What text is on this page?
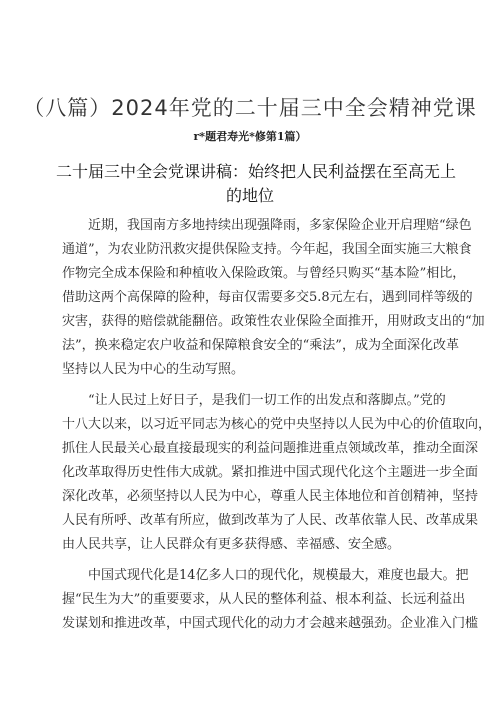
（八篇）2024年党的二十届三中全会精神党课
r*题君寿光*修第1篇）
二十届三中全会党课讲稿：始终把人民利益摆在至高无上
的地位
近期，我国南方多地持续出现强降雨，多家保险企业开启理赔“绿色
通道”，为农业防汛救灾提供保险支持。今年起，我国全面实施三大粮食
作物完全成本保险和种植收入保险政策。与曾经只购买“基本险”相比，
借助这两个高保障的险种，每亩仅需要多交5.8元左右，遇到同样等级的
灾害，获得的赔偿就能翻倍。政策性农业保险全面推开，用财政支出的“加
法”，换来稳定农户收益和保障粮食安全的“乘法”，成为全面深化改革
坚持以人民为中心的生动写照。
“让人民过上好日子，是我们一切工作的出发点和落脚点。”党的
十八大以来，以习近平同志为核心的党中央坚持以人民为中心的价值取向，
抓住人民最关心最直接最现实的利益问题推进重点领域改革，推动全面深
化改革取得历史性伟大成就。紧扣推进中国式现代化这个主题进一步全面
深化改革，必须坚持以人民为中心，尊重人民主体地位和首创精神，坚持
人民有所呼、改革有所应，做到改革为了人民、改革依靠人民、改革成果
由人民共享，让人民群众有更多获得感、幸福感、安全感。
中国式现代化是14亿多人口的现代化，规模最大，难度也最大。把
握“民生为大”的重要要求，从人民的整体利益、根本利益、长远利益出
发谋划和推进改革，中国式现代化的动力才会越来越强劲。企业准入门槛
